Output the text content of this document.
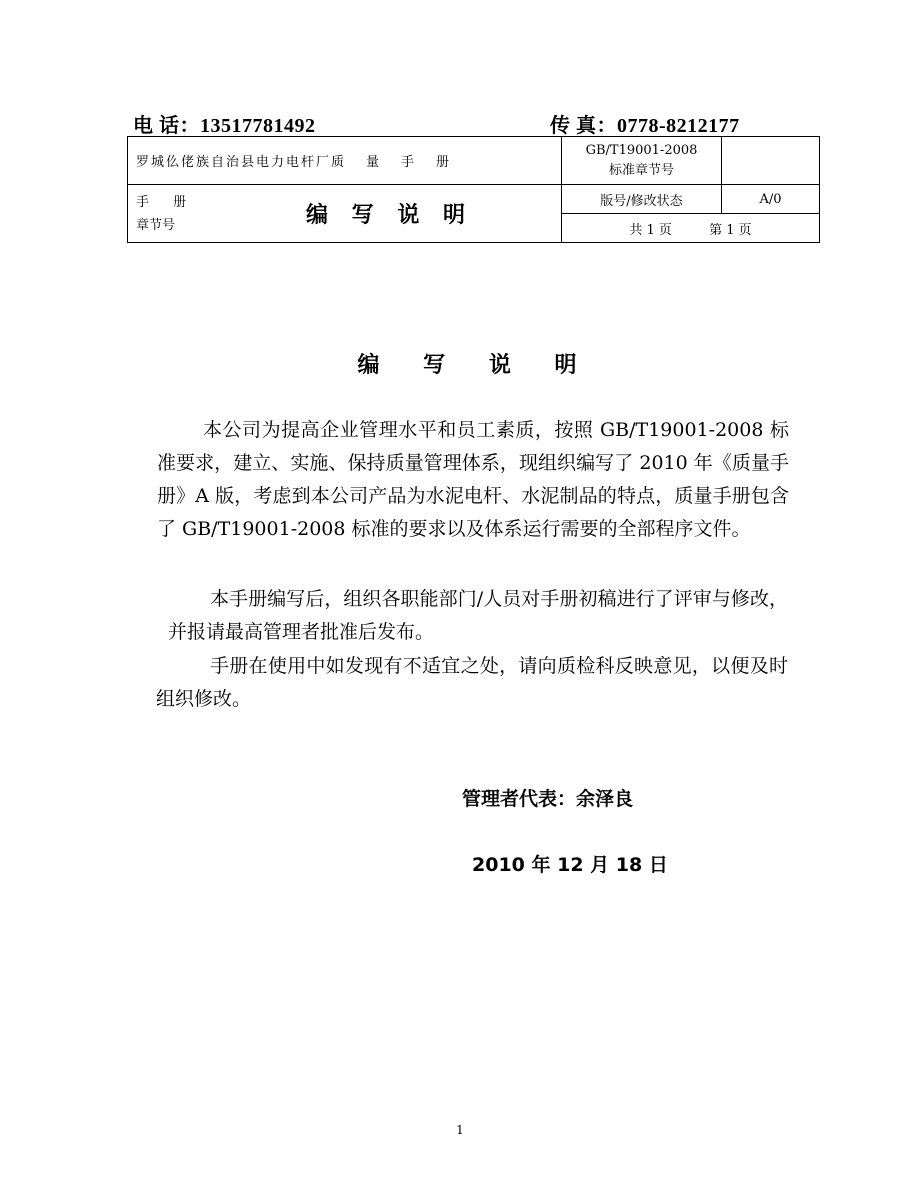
电 话：13517781492	传 真：0778-8212177
罗城仫佬族自治县电力电杆厂质 量 手 册	GB/T19001-2008
标准章节号	

手 册
章节号 编 写 说 明	版号/修改状态	A/0
	共 1 页 第 1 页	
编 写 说 明
本公司为提高企业管理水平和员工素质，按照 GB/T19001-2008 标准要求，建立、实施、保持质量管理体系，现组织编写了 2010 年《质量手册》A 版，考虑到本公司产品为水泥电杆、水泥制品的特点，质量手册包含了 GB/T19001-2008 标准的要求以及体系运行需要的全部程序文件。
本手册编写后，组织各职能部门/人员对手册初稿进行了评审与修改，并报请最高管理者批准后发布。
手册在使用中如发现有不适宜之处，请向质检科反映意见，以便及时组织修改。
管理者代表：余泽良
2010 年 12 月 18 日
1
